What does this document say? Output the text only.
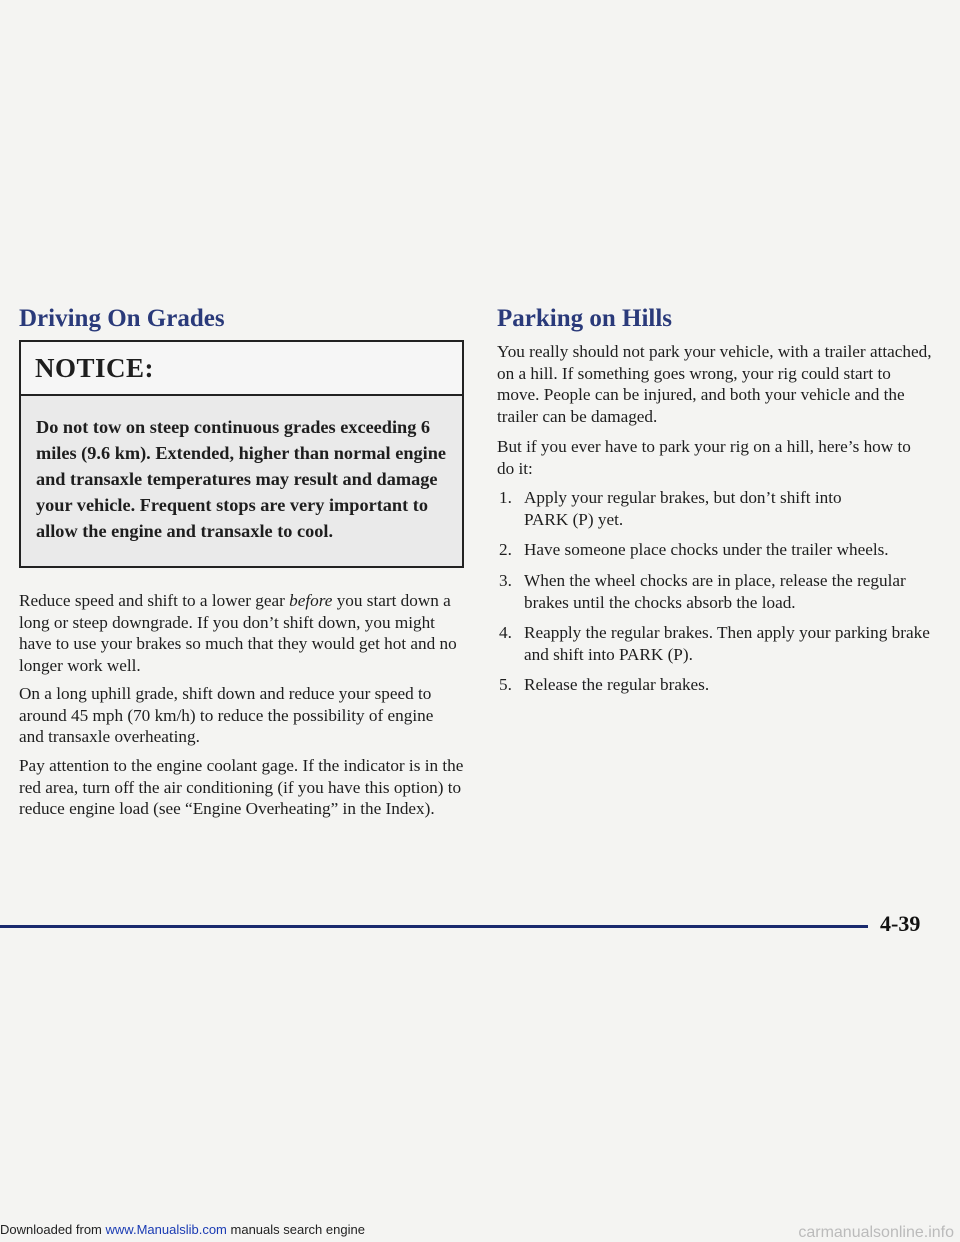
Driving On Grades
NOTICE:
Do not tow on steep continuous grades exceeding 6 miles (9.6 km). Extended, higher than normal engine and transaxle temperatures may result and damage your vehicle. Frequent stops are very important to allow the engine and transaxle to cool.

Reduce speed and shift to a lower gear before you start down a long or steep downgrade. If you don’t shift down, you might have to use your brakes so much that they would get hot and no longer work well.

On a long uphill grade, shift down and reduce your speed to around 45 mph (70 km/h) to reduce the possibility of engine and transaxle overheating.

Pay attention to the engine coolant gage. If the indicator is in the red area, turn off the air conditioning (if you have this option) to reduce engine load (see “Engine Overheating” in the Index).

Parking on Hills

You really should not park your vehicle, with a trailer attached, on a hill. If something goes wrong, your rig could start to move. People can be injured, and both your vehicle and the trailer can be damaged.

But if you ever have to park your rig on a hill, here’s how to do it:

1. Apply your regular brakes, but don’t shift into PARK (P) yet.
2. Have someone place chocks under the trailer wheels.
3. When the wheel chocks are in place, release the regular brakes until the chocks absorb the load.
4. Reapply the regular brakes. Then apply your parking brake and shift into PARK (P).
5. Release the regular brakes.
4-39
Downloaded from www.Manualslib.com manuals search engine	carmanualsonline.info
